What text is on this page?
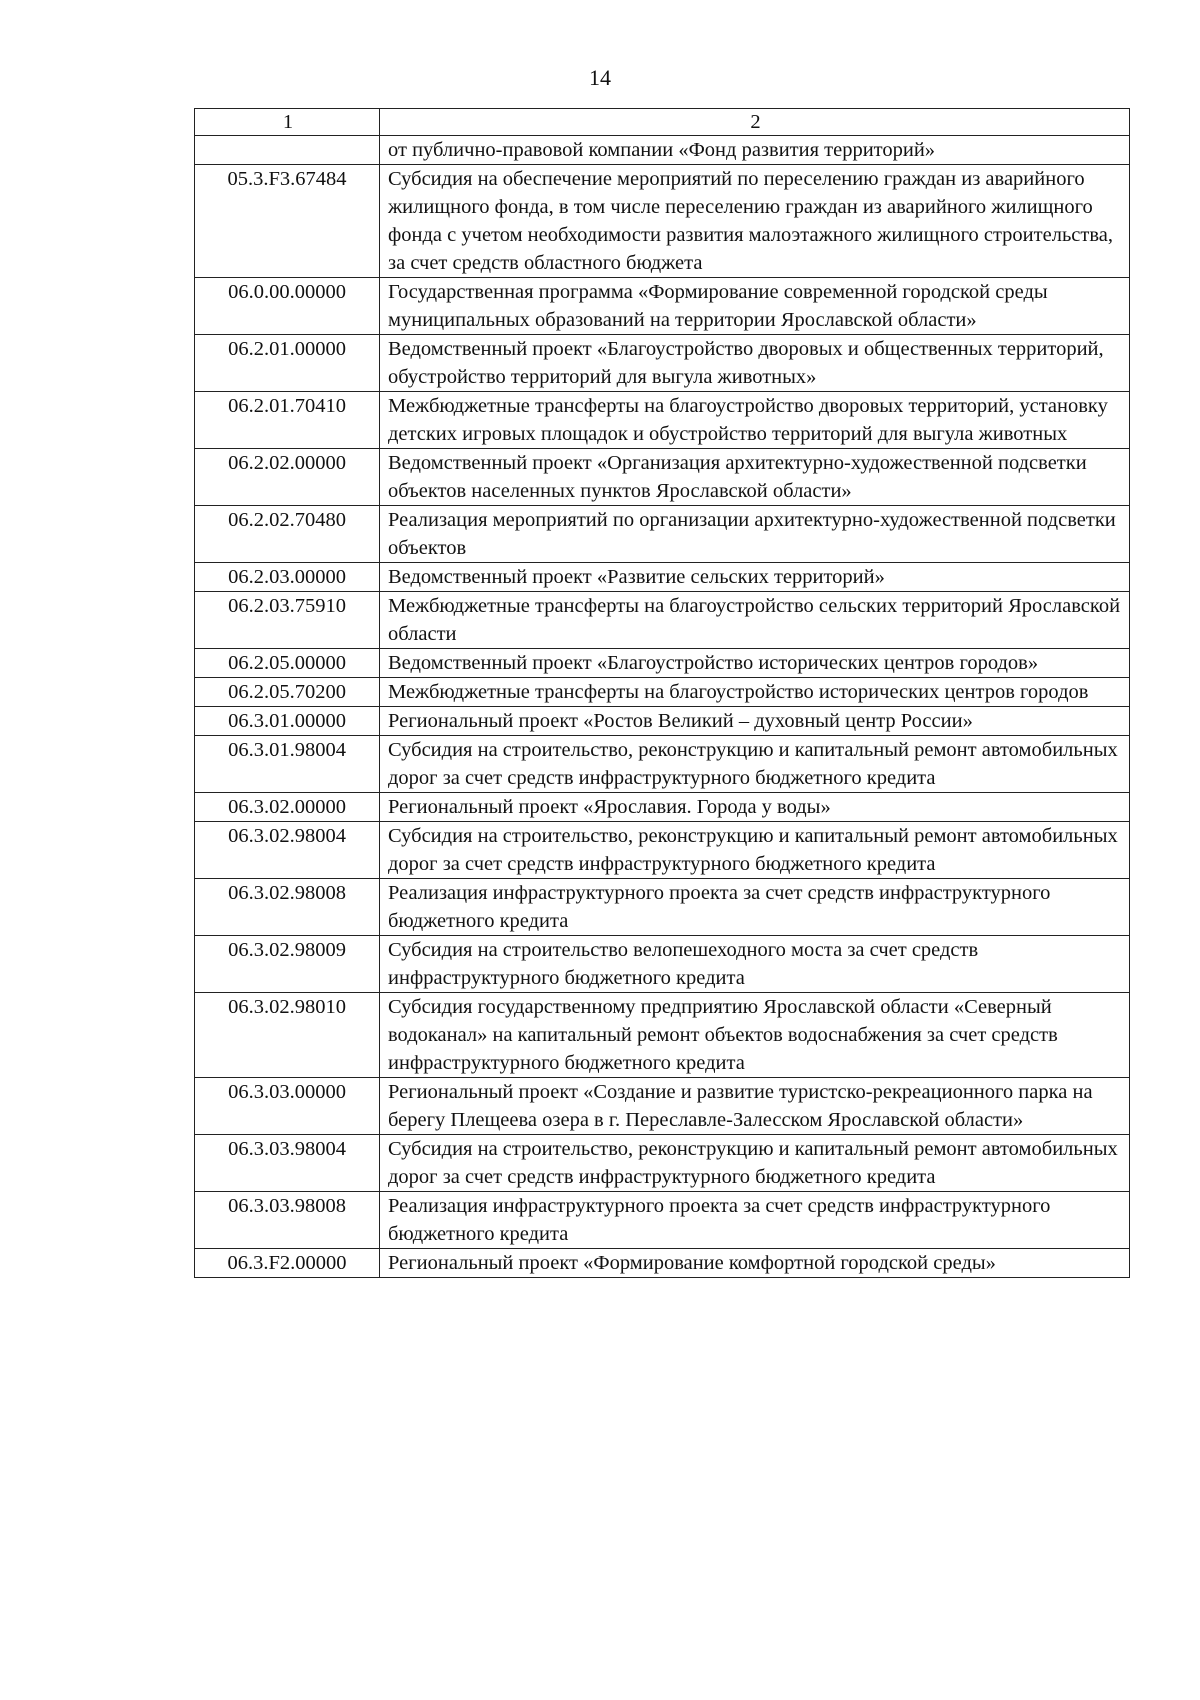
14
1	2
	от публично-правовой компании «Фонд развития территорий»
05.3.F3.67484	Субсидия на обеспечение мероприятий по переселению граждан из аварийного жилищного фонда, в том числе переселению граждан из аварийного жилищного фонда с учетом необходимости развития малоэтажного жилищного строительства, за счет средств областного бюджета
06.0.00.00000	Государственная программа «Формирование современной городской среды муниципальных образований на территории Ярославской области»
06.2.01.00000	Ведомственный проект «Благоустройство дворовых и общественных территорий, обустройство территорий для выгула животных»
06.2.01.70410	Межбюджетные трансферты на благоустройство дворовых территорий, установку детских игровых площадок и обустройство территорий для выгула животных
06.2.02.00000	Ведомственный проект «Организация архитектурно-художественной подсветки объектов населенных пунктов Ярославской области»
06.2.02.70480	Реализация мероприятий по организации архитектурно-художественной подсветки объектов
06.2.03.00000	Ведомственный проект «Развитие сельских территорий»
06.2.03.75910	Межбюджетные трансферты на благоустройство сельских территорий Ярославской области
06.2.05.00000	Ведомственный проект «Благоустройство исторических центров городов»
06.2.05.70200	Межбюджетные трансферты на благоустройство исторических центров городов
06.3.01.00000	Региональный проект «Ростов Великий – духовный центр России»
06.3.01.98004	Субсидия на строительство, реконструкцию и капитальный ремонт автомобильных дорог за счет средств инфраструктурного бюджетного кредита
06.3.02.00000	Региональный проект «Ярославия. Города у воды»
06.3.02.98004	Субсидия на строительство, реконструкцию и капитальный ремонт автомобильных дорог за счет средств инфраструктурного бюджетного кредита
06.3.02.98008	Реализация инфраструктурного проекта за счет средств инфраструктурного бюджетного кредита
06.3.02.98009	Субсидия на строительство велопешеходного моста за счет средств инфраструктурного бюджетного кредита
06.3.02.98010	Субсидия государственному предприятию Ярославской области «Северный водоканал» на капитальный ремонт объектов водоснабжения за счет средств инфраструктурного бюджетного кредита
06.3.03.00000	Региональный проект «Создание и развитие туристско-рекреационного парка на берегу Плещеева озера в г. Переславле-Залесском Ярославской области»
06.3.03.98004	Субсидия на строительство, реконструкцию и капитальный ремонт автомобильных дорог за счет средств инфраструктурного бюджетного кредита
06.3.03.98008	Реализация инфраструктурного проекта за счет средств инфраструктурного бюджетного кредита
06.3.F2.00000	Региональный проект «Формирование комфортной городской среды»
